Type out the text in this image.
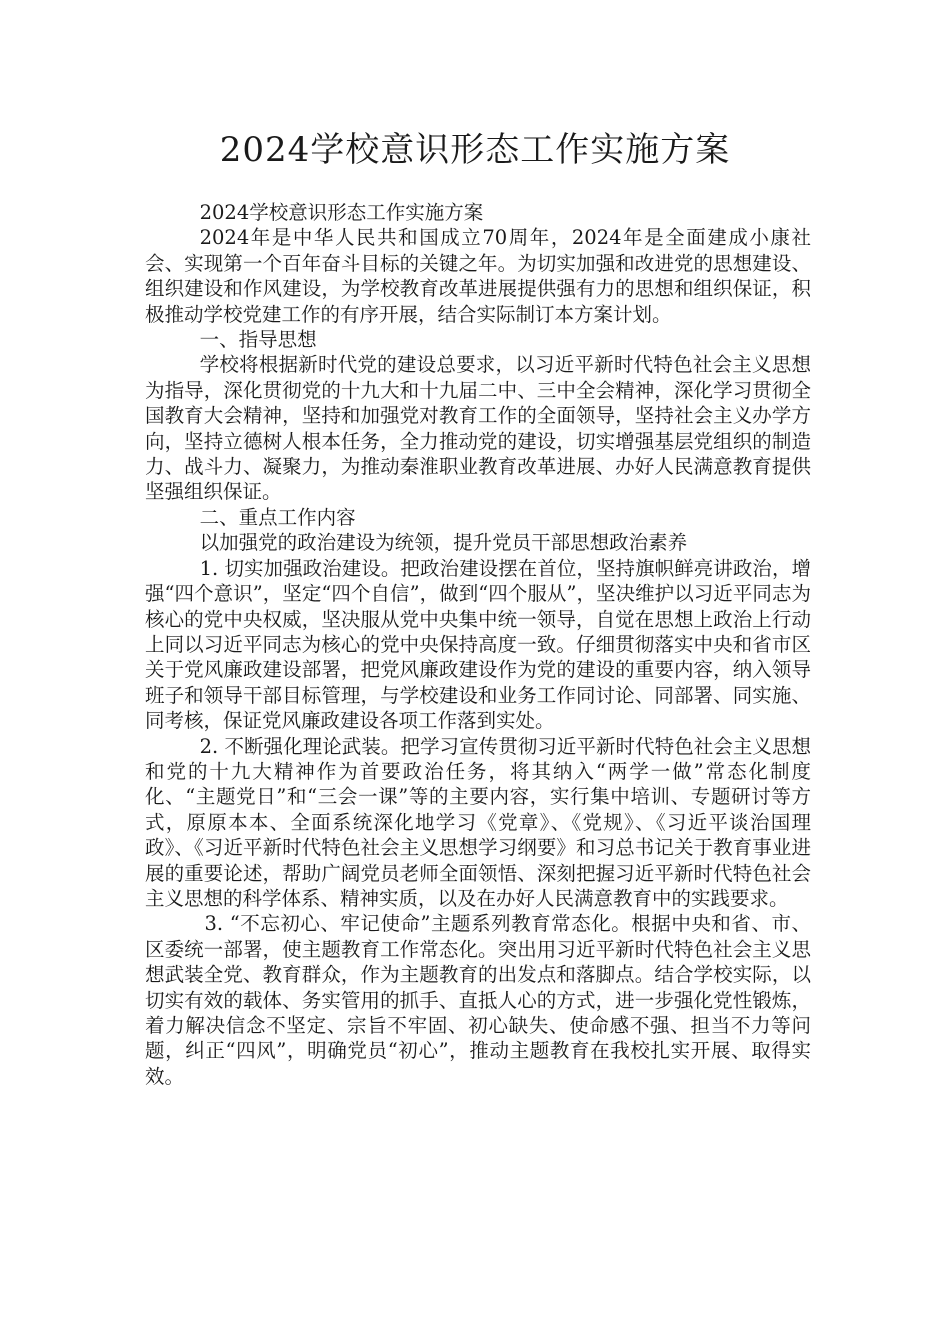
2024学校意识形态工作实施方案

2024学校意识形态工作实施方案

2024年是中华人民共和国成立70周年，2024年是全面建成小康社会、实现第一个百年奋斗目标的关键之年。为切实加强和改进党的思想建设、组织建设和作风建设，为学校教育改革进展提供强有力的思想和组织保证，积极推动学校党建工作的有序开展，结合实际制订本方案计划。

一、指导思想

学校将根据新时代党的建设总要求，以习近平新时代特色社会主义思想为指导，深化贯彻党的十九大和十九届二中、三中全会精神，深化学习贯彻全国教育大会精神，坚持和加强党对教育工作的全面领导，坚持社会主义办学方向，坚持立德树人根本任务，全力推动党的建设，切实增强基层党组织的制造力、战斗力、凝聚力，为推动秦淮职业教育改革进展、办好人民满意教育提供坚强组织保证。

二、重点工作内容

以加强党的政治建设为统领，提升党员干部思想政治素养

1. 切实加强政治建设。把政治建设摆在首位，坚持旗帜鲜亮讲政治，增强“四个意识”，坚定“四个自信”，做到“四个服从”，坚决维护以习近平同志为核心的党中央权威，坚决服从党中央集中统一领导，自觉在思想上政治上行动上同以习近平同志为核心的党中央保持高度一致。仔细贯彻落实中央和省市区关于党风廉政建设部署，把党风廉政建设作为党的建设的重要内容，纳入领导班子和领导干部目标管理，与学校建设和业务工作同讨论、同部署、同实施、同考核，保证党风廉政建设各项工作落到实处。

2. 不断强化理论武装。把学习宣传贯彻习近平新时代特色社会主义思想和党的十九大精神作为首要政治任务，将其纳入“两学一做”常态化制度化、“主题党日”和“三会一课”等的主要内容，实行集中培训、专题研讨等方式，原原本本、全面系统深化地学习《党章》、《党规》、《习近平谈治国理政》、《习近平新时代特色社会主义思想学习纲要》和习总书记关于教育事业进展的重要论述，帮助广阔党员老师全面领悟、深刻把握习近平新时代特色社会主义思想的科学体系、精神实质，以及在办好人民满意教育中的实践要求。

3. “不忘初心、牢记使命”主题系列教育常态化。根据中央和省、市、区委统一部署，使主题教育工作常态化。突出用习近平新时代特色社会主义思想武装全党、教育群众，作为主题教育的出发点和落脚点。结合学校实际，以切实有效的载体、务实管用的抓手、直抵人心的方式，进一步强化党性锻炼，着力解决信念不坚定、宗旨不牢固、初心缺失、使命感不强、担当不力等问题，纠正“四风”，明确党员“初心”，推动主题教育在我校扎实开展、取得实效。
